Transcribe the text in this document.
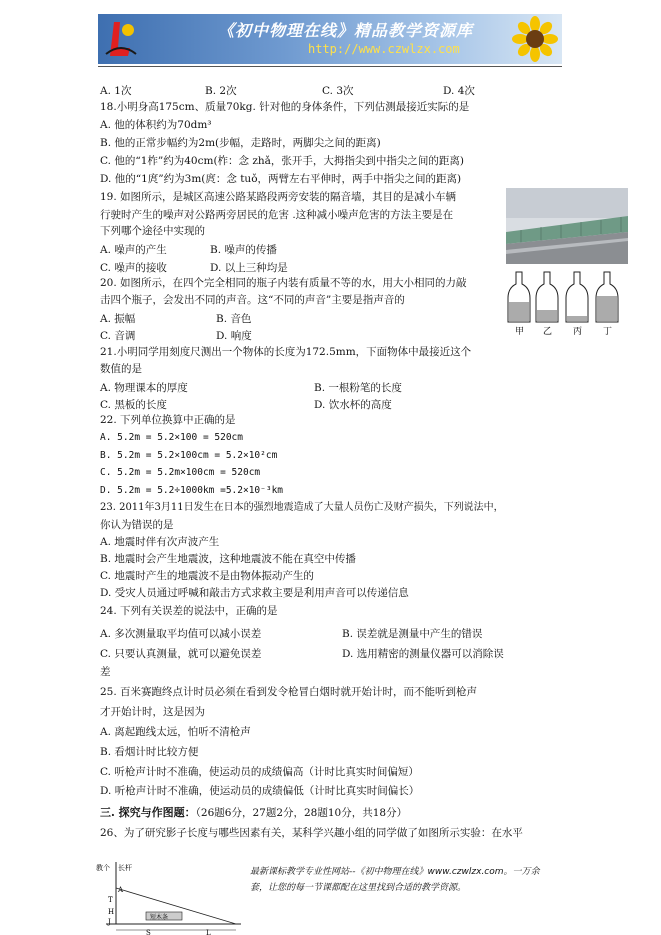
《初中物理在线》精品教学资源库
http://www.czwlzx.com
A. 1次	B. 2次	C. 3次	D. 4次
18.小明身高175cm、质量70kg. 针对他的身体条件，下列估测最接近实际的是
A. 他的体积约为70dm³
B. 他的正常步幅约为2m(步幅，走路时，两脚尖之间的距离)
C. 他的“1柞”约为40cm(柞：念 zhǎ，张开手，大拇指尖到中指尖之间的距离)
D. 他的“1庹”约为3m(庹：念 tuǒ，两臂左右平伸时，两手中指尖之间的距离)
19. 如图所示，是城区高速公路某路段两旁安装的隔音墙，其目的是减小车辆
行驶时产生的噪声对公路两旁居民的危害 .这种减小噪声危害的方法主要是在
下列哪个途径中实现的
A. 噪声的产生	B. 噪声的传播
C. 噪声的接收	D. 以上三种均是
20. 如图所示，在四个完全相同的瓶子内装有质量不等的水，用大小相同的力敲
击四个瓶子，会发出不同的声音。这“不同的声音”主要是指声音的
A. 振幅	B. 音色
C. 音调	D. 响度	甲 乙 丙 丁
21.小明同学用刻度尺测出一个物体的长度为172.5mm，下面物体中最接近这个
数值的是
A. 物理课本的厚度	B. 一根粉笔的长度
C. 黑板的长度	D. 饮水杯的高度
22. 下列单位换算中正确的是
A. 5.2m = 5.2×100 = 520cm
B. 5.2m = 5.2×100cm = 5.2×10²cm
C. 5.2m = 5.2m×100cm = 520cm
D. 5.2m = 5.2÷1000km =5.2×10⁻³km
23. 2011年3月11日发生在日本的强烈地震造成了大量人员伤亡及财产损失，下列说法中，
你认为错误的是
A. 地震时伴有次声波产生
B. 地震时会产生地震波，这种地震波不能在真空中传播
C. 地震时产生的地震波不是由物体振动产生的
D. 受灾人员通过呼喊和敲击方式求救主要是利用声音可以传递信息
24. 下列有关误差的说法中，正确的是
A. 多次测量取平均值可以减小误差	B. 误差就是测量中产生的错误
C. 只要认真测量，就可以避免误差	D. 选用精密的测量仪器可以消除误
差
25. 百米赛跑终点计时员必须在看到发令枪冒白烟时就开始计时，而不能听到枪声
才开始计时，这是因为
A. 离起跑线太远，怕听不清枪声
B. 看烟计时比较方便
C. 听枪声计时不准确，使运动员的成绩偏高（计时比真实时间偏短）
D. 听枪声计时不准确，使运动员的成绩偏低（计时比真实时间偏长）
三. 探究与作图题：（26题6分，27题2分，28题10分，共18分）
26、为了研究影子长度与哪些因素有关，某科学兴趣小组的同学做了如图所示实验：在水平
教个 长杆
A
T
H
J
短木条
S	L
最新课标教学专业性网站--《初中物理在线》www.czwlzx.com。一万余
套，让您的每一节课都配在这里找到合适的教学资源。
